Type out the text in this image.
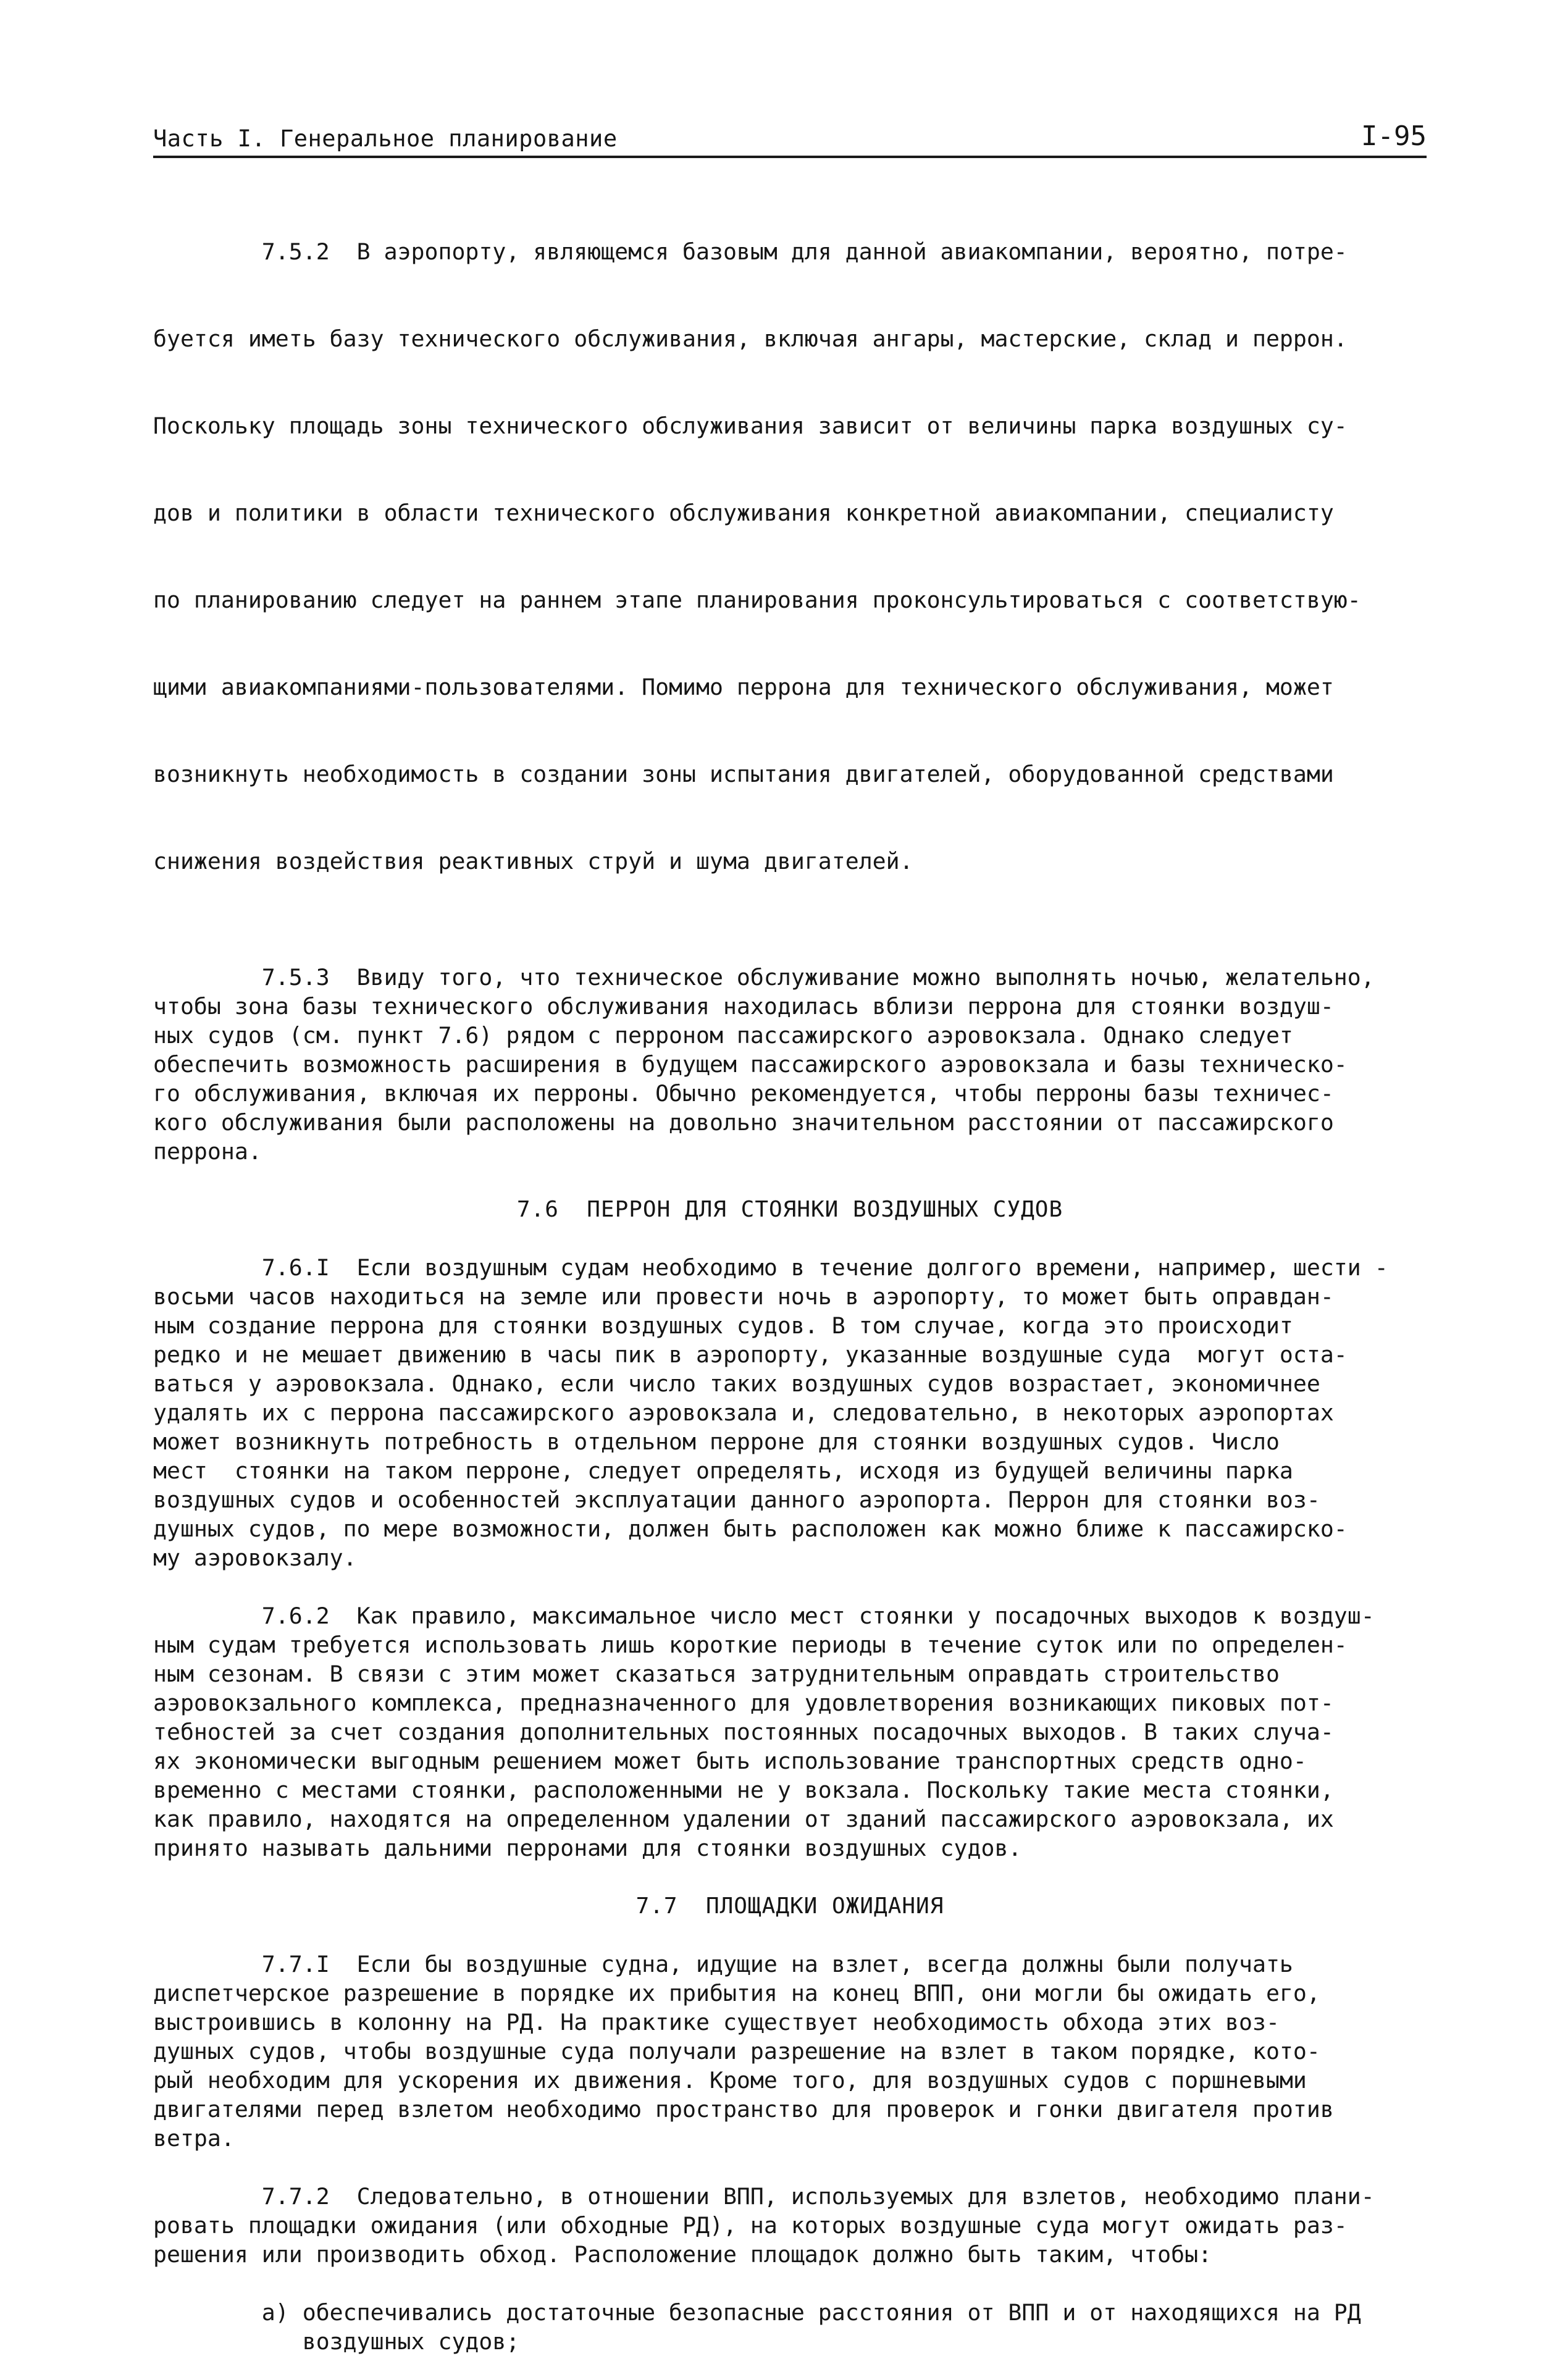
Часть I. Генеральное планирование	I-95

7.5.2  В аэропорту, являющемся базовым для данной авиакомпании, вероятно, потре-

буется иметь базу технического обслуживания, включая ангары, мастерские, склад и перрон.

Поскольку площадь зоны технического обслуживания зависит от величины парка воздушных су-

дов и политики в области технического обслуживания конкретной авиакомпании, специалисту

по планированию следует на раннем этапе планирования проконсультироваться с соответствую-

щими авиакомпаниями-пользователями. Помимо перрона для технического обслуживания, может

возникнуть необходимость в создании зоны испытания двигателей, оборудованной средствами

снижения воздействия реактивных струй и шума двигателей.

7.5.3  Ввиду того, что техническое обслуживание можно выполнять ночью, желательно,
чтобы зона базы технического обслуживания находилась вблизи перрона для стоянки воздуш-
ных судов (см. пункт 7.6) рядом с перроном пассажирского аэровокзала. Однако следует
обеспечить возможность расширения в будущем пассажирского аэровокзала и базы техническо-
го обслуживания, включая их перроны. Обычно рекомендуется, чтобы перроны базы техничес-
кого обслуживания были расположены на довольно значительном расстоянии от пассажирского
перрона.
7.6  ПЕРРОН ДЛЯ СТОЯНКИ ВОЗДУШНЫХ СУДОВ
7.6.I  Если воздушным судам необходимо в течение долгого времени, например, шести -
восьми часов находиться на земле или провести ночь в аэропорту, то может быть оправдан-
ным создание перрона для стоянки воздушных судов. В том случае, когда это происходит
редко и не мешает движению в часы пик в аэропорту, указанные воздушные суда  могут оста-
ваться у аэровокзала. Однако, если число таких воздушных судов возрастает, экономичнее
удалять их с перрона пассажирского аэровокзала и, следовательно, в некоторых аэропортах
может возникнуть потребность в отдельном перроне для стоянки воздушных судов. Число
мест  стоянки на таком перроне, следует определять, исходя из будущей величины парка
воздушных судов и особенностей эксплуатации данного аэропорта. Перрон для стоянки воз-
душных судов, по мере возможности, должен быть расположен как можно ближе к пассажирско-
му аэровокзалу.
7.6.2  Как правило, максимальное число мест стоянки у посадочных выходов к воздуш-
ным судам требуется использовать лишь короткие периоды в течение суток или по определен-
ным сезонам. В связи с этим может сказаться затруднительным оправдать строительство
аэровокзального комплекса, предназначенного для удовлетворения возникающих пиковых пот-
тебностей за счет создания дополнительных постоянных посадочных выходов. В таких случа-
ях экономически выгодным решением может быть использование транспортных средств одно-
временно с местами стоянки, расположенными не у вокзала. Поскольку такие места стоянки,
как правило, находятся на определенном удалении от зданий пассажирского аэровокзала, их
принято называть дальними перронами для стоянки воздушных судов.
7.7  ПЛОЩАДКИ ОЖИДАНИЯ
7.7.I  Если бы воздушные судна, идущие на взлет, всегда должны были получать
диспетчерское разрешение в порядке их прибытия на конец ВПП, они могли бы ожидать его,
выстроившись в колонну на РД. На практике существует необходимость обхода этих воз-
душных судов, чтобы воздушные суда получали разрешение на взлет в таком порядке, кото-
рый необходим для ускорения их движения. Кроме того, для воздушных судов с поршневыми
двигателями перед взлетом необходимо пространство для проверок и гонки двигателя против
ветра.
7.7.2  Следовательно, в отношении ВПП, используемых для взлетов, необходимо плани-
ровать площадки ожидания (или обходные РД), на которых воздушные суда могут ожидать раз-
решения или производить обход. Расположение площадок должно быть таким, чтобы:
а) обеспечивались достаточные безопасные расстояния от ВПП и от находящихся на РД
воздушных судов;
